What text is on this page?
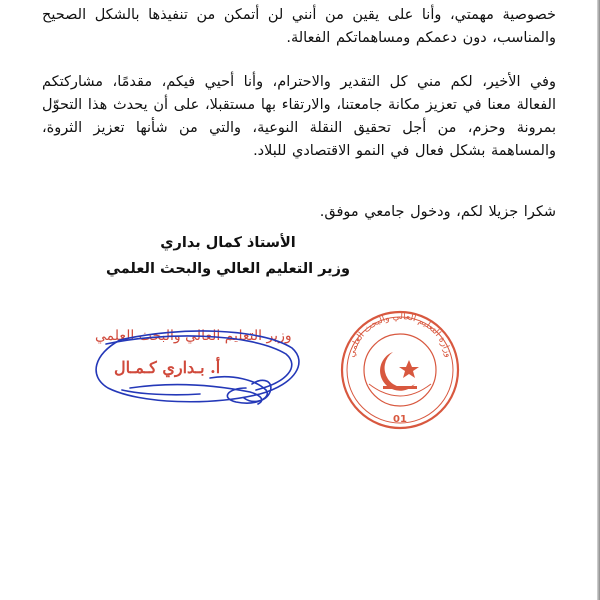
خصوصية مهمتي، وأنا على يقين من أنني لن أتمكن من تنفيذها بالشكل الصحيح والمناسب، دون دعمكم ومساهماتكم الفعالة.

وفي الأخير، لكم مني كل التقدير والاحترام، وأنا أحيي فيكم، مقدمًا، مشاركتكم الفعالة معنا في تعزيز مكانة جامعتنا، والارتقاء بها مستقبلا، على أن يحدث هذا التحوّل بمرونة وحزم، من أجل تحقيق النقلة النوعية، والتي من شأنها تعزيز الثروة، والمساهمة بشكل فعال في النمو الاقتصادي للبلاد.

شكرا جزيلا لكم، ودخول جامعي موفق.

الأستاذ كمال بداري
وزير التعليم العالي والبحث العلمي
وزير التعليم العالي والبحث العلمي
أ. بـداري كـمـال
وزارة التعليم العالي والبحث العلمي
01
